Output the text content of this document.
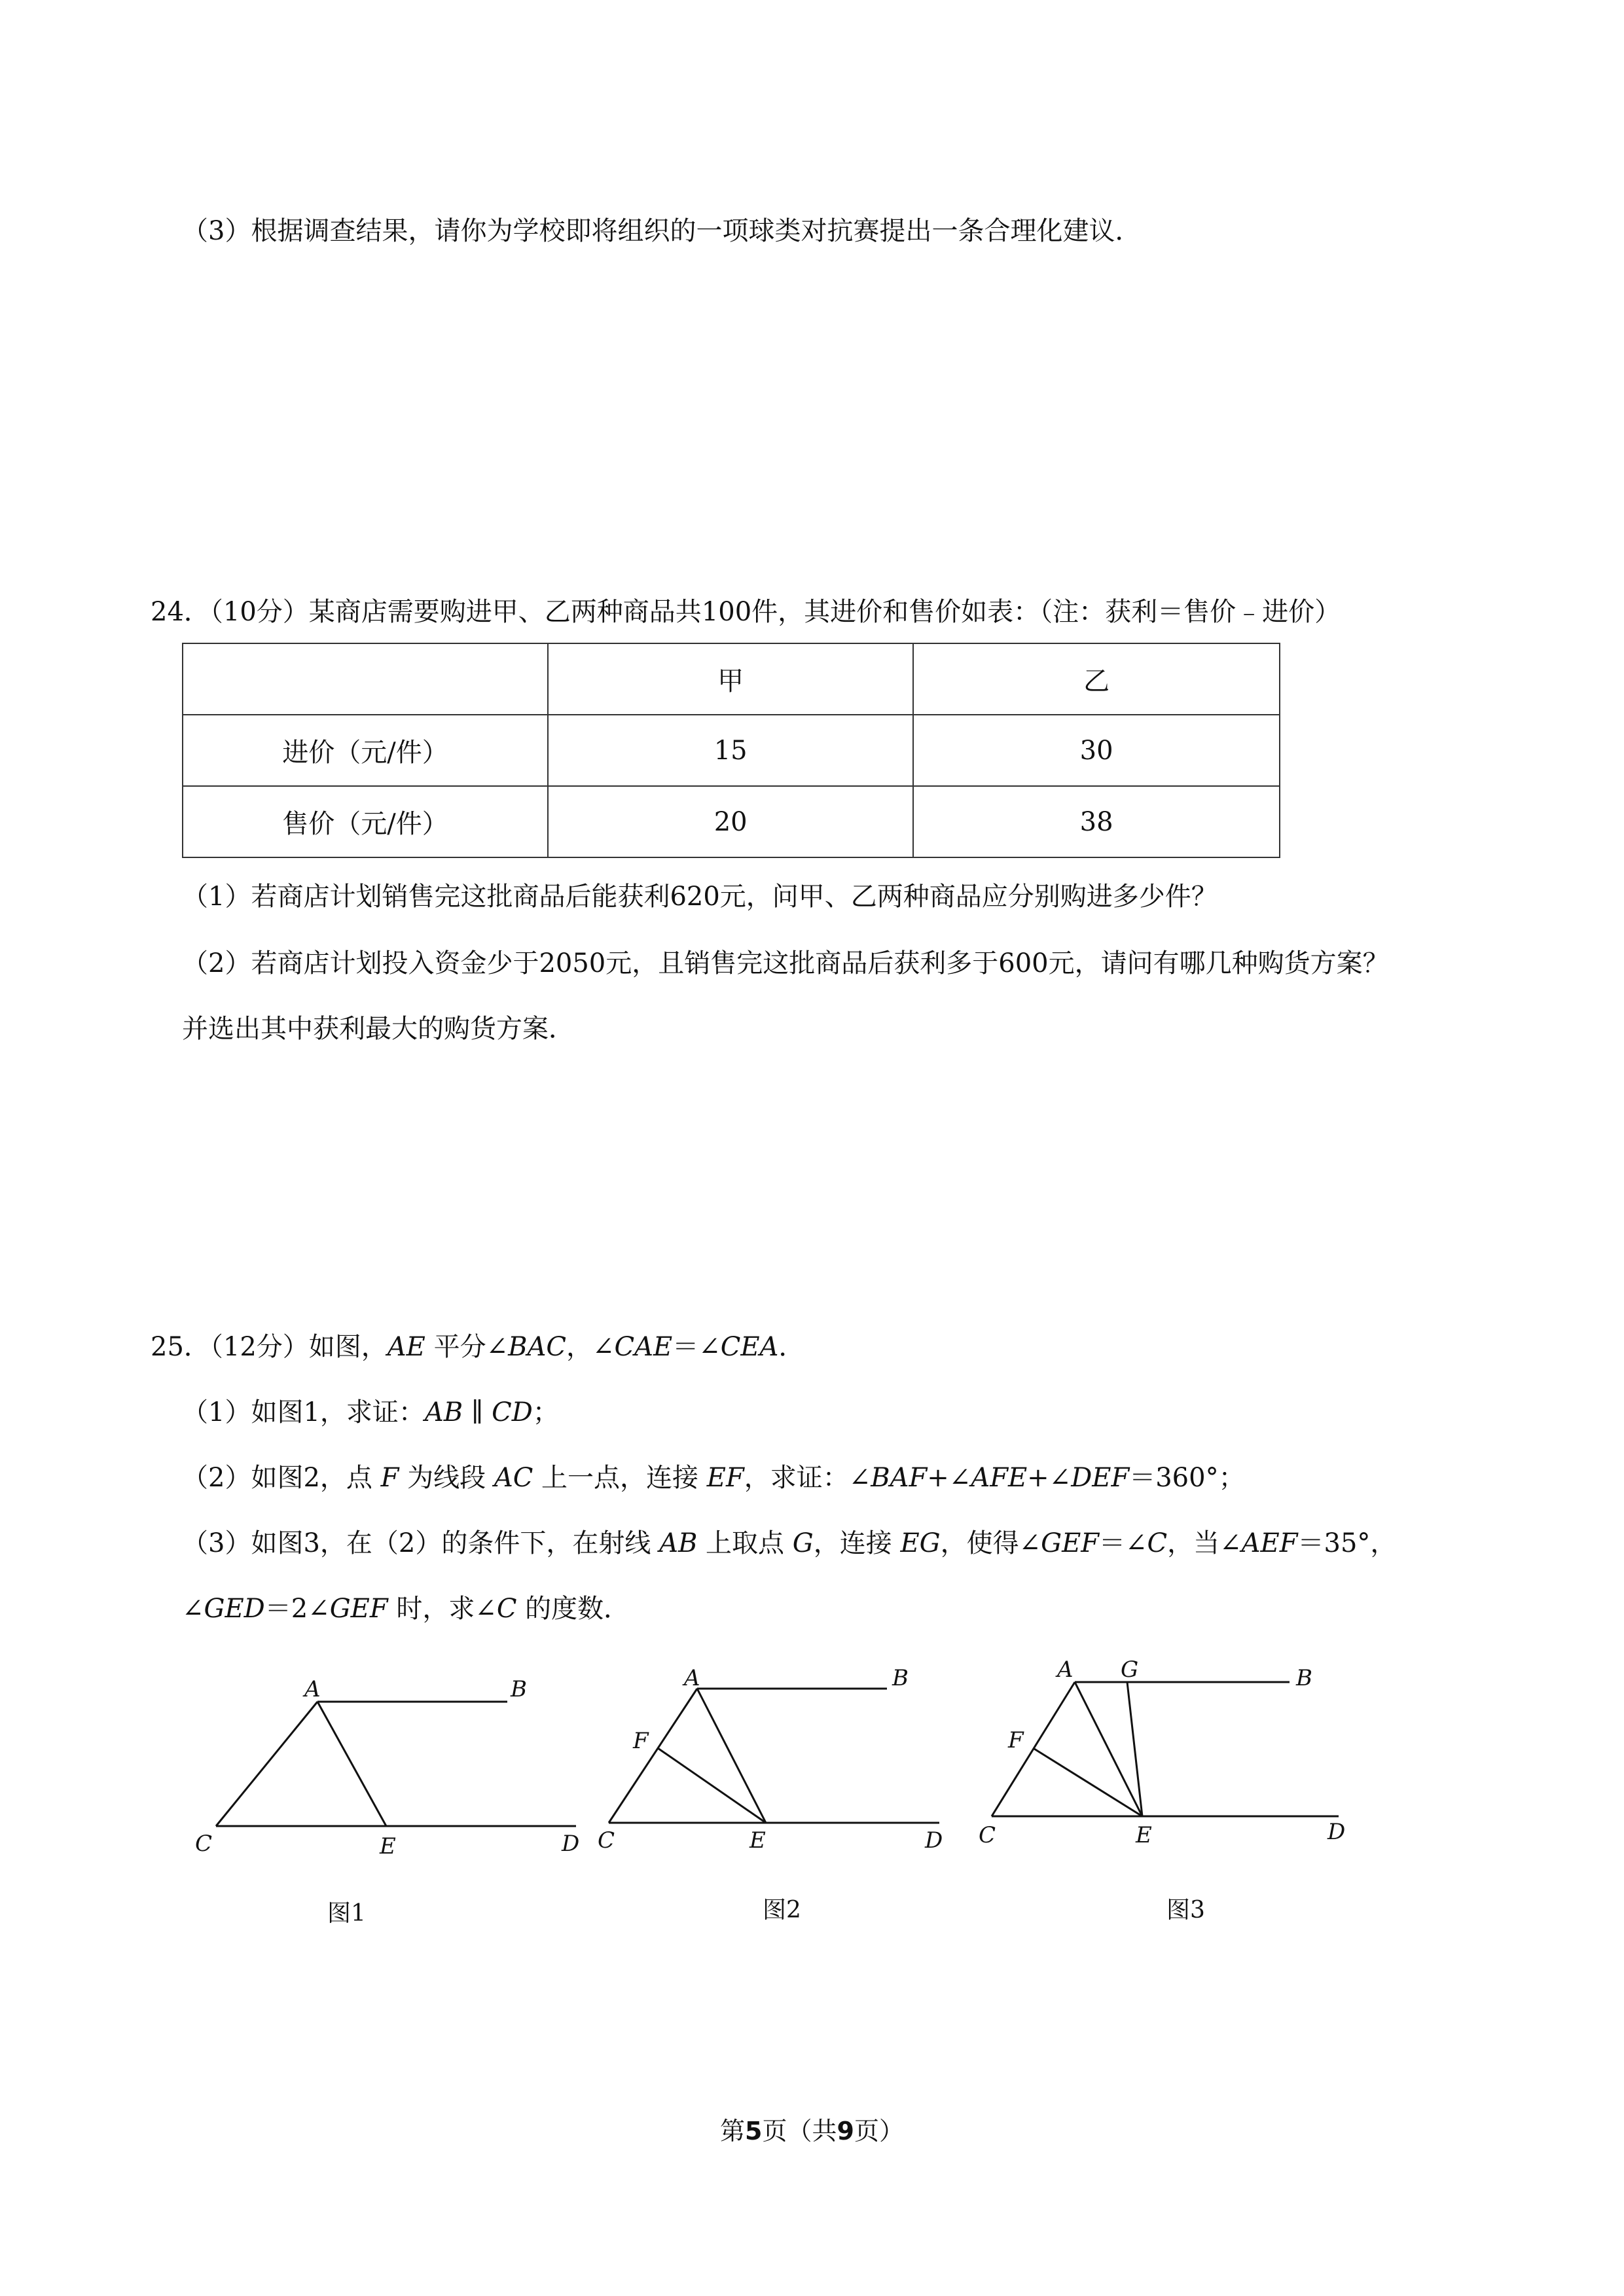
（3）根据调查结果，请你为学校即将组织的一项球类对抗赛提出一条合理化建议．
24．（10分）某商店需要购进甲、乙两种商品共100件，其进价和售价如表：（注：获利＝售价﹣进价）
	甲	乙
进价（元/件）	15	30
售价（元/件）	20	38
（1）若商店计划销售完这批商品后能获利620元，问甲、乙两种商品应分别购进多少件？
（2）若商店计划投入资金少于2050元，且销售完这批商品后获利多于600元，请问有哪几种购货方案？
并选出其中获利最大的购货方案．
25．（12分）如图，AE 平分∠BAC，∠CAE＝∠CEA．
（1）如图1，求证：AB ∥ CD；
（2）如图2，点 F 为线段 AC 上一点，连接 EF，求证：∠BAF+∠AFE+∠DEF＝360°；
（3）如图3，在（2）的条件下，在射线 AB 上取点 G，连接 EG，使得∠GEF＝∠C，当∠AEF＝35°，
∠GED＝2∠GEF 时，求∠C 的度数．
A	B
C	E	D
图1
A	B
F
C	E	D
图2
A G	B
F
C	E	D
图3
第5页（共9页）
